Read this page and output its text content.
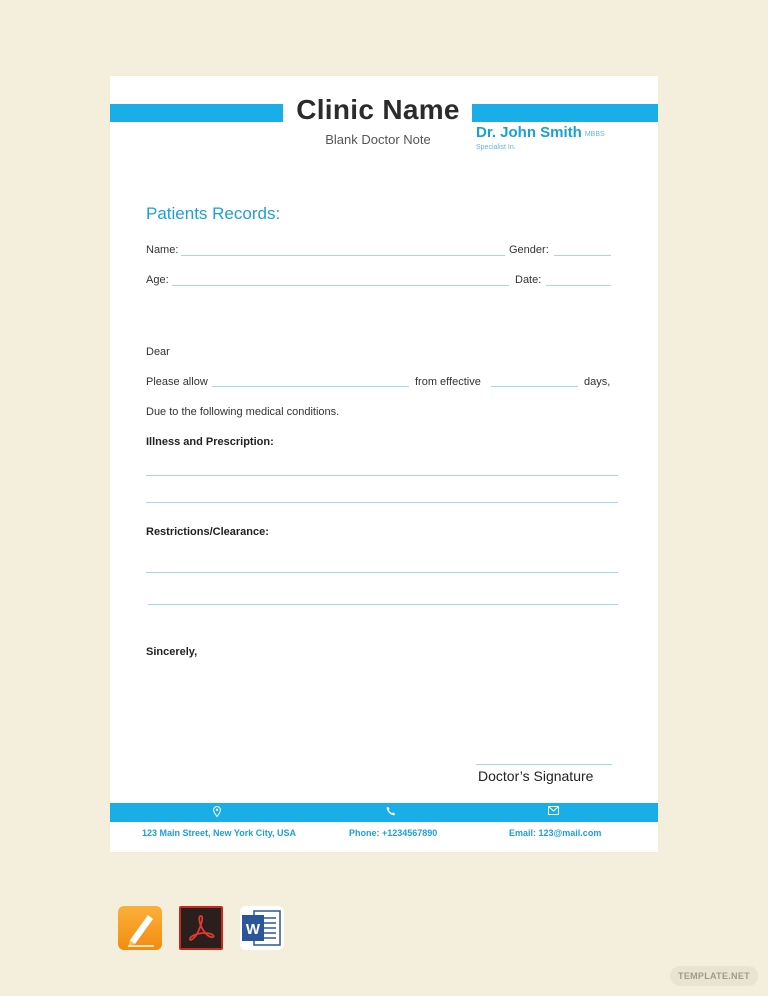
Clinic Name
Blank Doctor Note	Dr. John Smith MBBS
Specialist In.
Patients Records:
Name:	Gender:
Age:	Date:
Dear
Please allow	from effective	days,
Due to the following medical conditions.
Illness and Prescription:
Restrictions/Clearance:
Sincerely,
Doctor’s Signature
123 Main Street, New York City, USA	Phone: +1234567890	Email: 123@mail.com
W
TEMPLATE.NET
